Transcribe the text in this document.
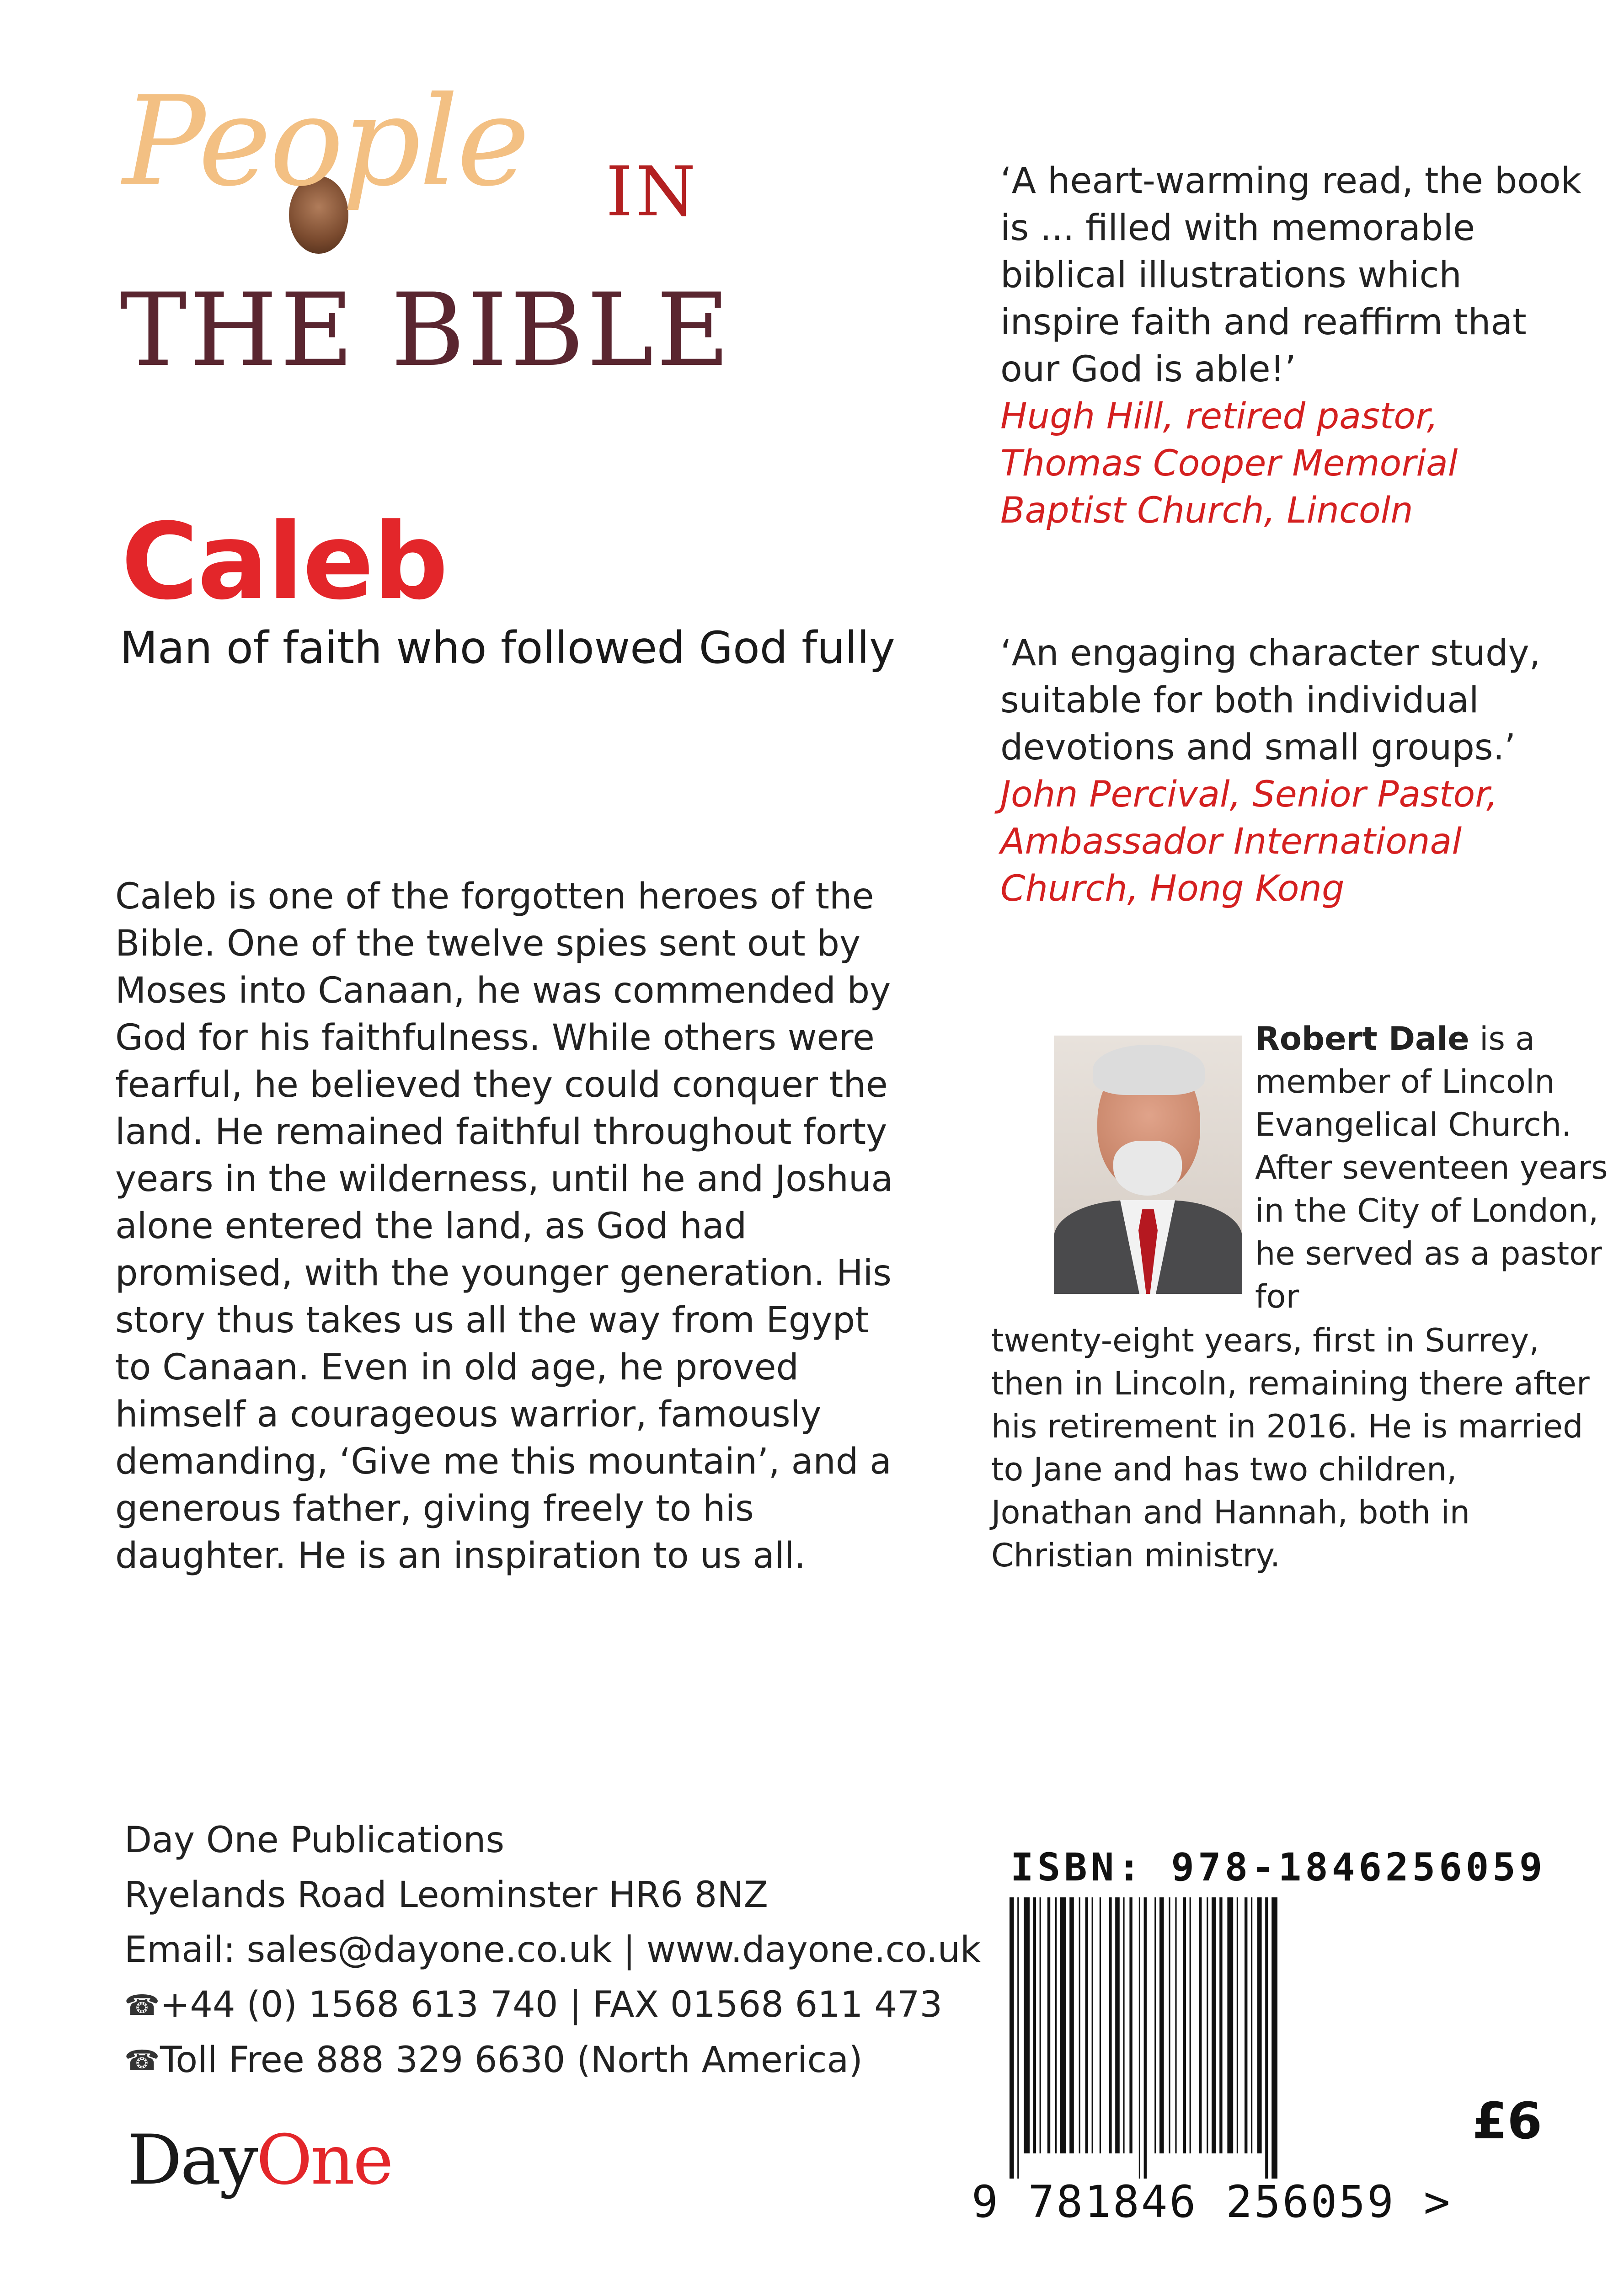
People IN
THE BIBLE
Caleb
Man of faith who followed God fully
Caleb is one of the forgotten heroes of the Bible. One of the twelve spies sent out by Moses into Canaan, he was commended by God for his faithfulness. While others were fearful, he believed they could conquer the land. He remained faithful throughout forty years in the wilderness, until he and Joshua alone entered the land, as God had promised, with the younger generation. His story thus takes us all the way from Egypt to Canaan. Even in old age, he proved himself a courageous warrior, famously demanding, ‘Give me this mountain’, and a generous father, giving freely to his daughter. He is an inspiration to us all.
‘A heart-warming read, the book is ... filled with memorable biblical illustrations which inspire faith and reaffirm that our God is able!’
Hugh Hill, retired pastor, Thomas Cooper Memorial Baptist Church, Lincoln
‘An engaging character study, suitable for both individual devotions and small groups.’
John Percival, Senior Pastor, Ambassador International Church, Hong Kong
Robert Dale is a member of Lincoln Evangelical Church. After seventeen years in the City of London, he served as a pastor for
twenty-eight years, first in Surrey, then in Lincoln, remaining there after his retirement in 2016. He is married to Jane and has two children, Jonathan and Hannah, both in Christian ministry.
Day One Publications
Ryelands Road Leominster HR6 8NZ
Email: sales@dayone.co.uk | www.dayone.co.uk
☎+44 (0) 1568 613 740 | FAX 01568 611 473
☎Toll Free 888 329 6630 (North America)
DayOne
ISBN: 978-1846256059
9 781846 256059 >
£6
